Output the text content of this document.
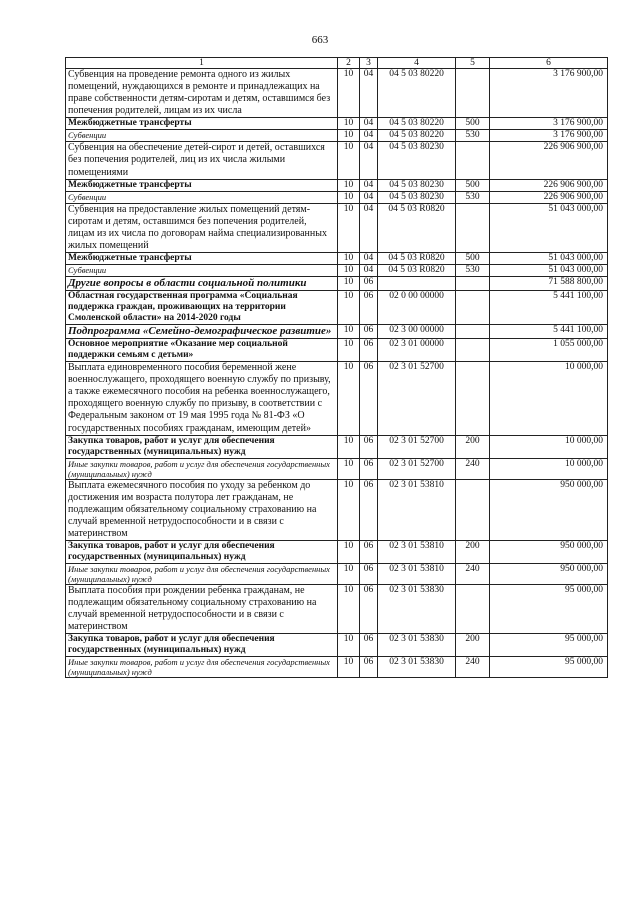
663
1	2	3	4	5	6
Субвенция на проведение ремонта одного из жилых помещений, нуждающихся в ремонте и принадлежащих на праве собственности детям-сиротам и детям, оставшимся без попечения родителей, лицам из их числа	10	04	04 5 03 80220		3 176 900,00
Межбюджетные трансферты	10	04	04 5 03 80220	500	3 176 900,00
Субвенции	10	04	04 5 03 80220	530	3 176 900,00
Субвенция на обеспечение детей-сирот и детей, оставшихся без попечения родителей, лиц из их числа жилыми помещениями	10	04	04 5 03 80230		226 906 900,00
Межбюджетные трансферты	10	04	04 5 03 80230	500	226 906 900,00
Субвенции	10	04	04 5 03 80230	530	226 906 900,00
Субвенция на предоставление жилых помещений детям-сиротам и детям, оставшимся без попечения родителей, лицам из их числа по договорам найма специализированных жилых помещений	10	04	04 5 03 R0820		51 043 000,00
Межбюджетные трансферты	10	04	04 5 03 R0820	500	51 043 000,00
Субвенции	10	04	04 5 03 R0820	530	51 043 000,00
Другие вопросы в области социальной политики	10	06			71 588 800,00
Областная государственная программа «Социальная поддержка граждан, проживающих на территории Смоленской области» на 2014-2020 годы	10	06	02 0 00 00000		5 441 100,00
Подпрограмма «Семейно-демографическое развитие»	10	06	02 3 00 00000		5 441 100,00
Основное мероприятие «Оказание мер социальной поддержки семьям с детьми»	10	06	02 3 01 00000		1 055 000,00
Выплата единовременного пособия беременной жене военнослужащего, проходящего военную службу по призыву, а также ежемесячного пособия на ребенка военнослужащего, проходящего военную службу по призыву, в соответствии с Федеральным законом от 19 мая 1995 года № 81-ФЗ «О государственных пособиях гражданам, имеющим детей»	10	06	02 3 01 52700		10 000,00
Закупка товаров, работ и услуг для обеспечения государственных (муниципальных) нужд	10	06	02 3 01 52700	200	10 000,00
Иные закупки товаров, работ и услуг для обеспечения государственных (муниципальных) нужд	10	06	02 3 01 52700	240	10 000,00
Выплата ежемесячного пособия по уходу за ребенком до достижения им возраста полутора лет гражданам, не подлежащим обязательному социальному страхованию на случай временной нетрудоспособности и в связи с материнством	10	06	02 3 01 53810		950 000,00
Закупка товаров, работ и услуг для обеспечения государственных (муниципальных) нужд	10	06	02 3 01 53810	200	950 000,00
Иные закупки товаров, работ и услуг для обеспечения государственных (муниципальных) нужд	10	06	02 3 01 53810	240	950 000,00
Выплата пособия при рождении ребенка гражданам, не подлежащим обязательному социальному страхованию на случай временной нетрудоспособности и в связи с материнством	10	06	02 3 01 53830		95 000,00
Закупка товаров, работ и услуг для обеспечения государственных (муниципальных) нужд	10	06	02 3 01 53830	200	95 000,00
Иные закупки товаров, работ и услуг для обеспечения государственных (муниципальных) нужд	10	06	02 3 01 53830	240	95 000,00
